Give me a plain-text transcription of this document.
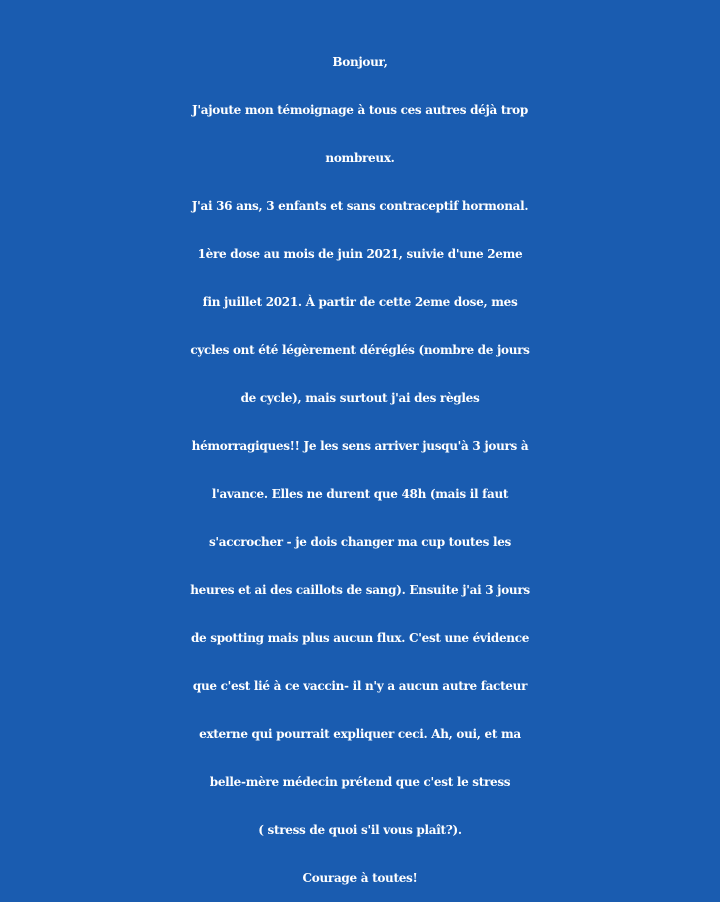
Bonjour,
J'ajoute mon témoignage à tous ces autres déjà trop
nombreux.
J'ai 36 ans, 3 enfants et sans contraceptif hormonal.
1ère dose au mois de juin 2021, suivie d'une 2eme
fin juillet 2021. À partir de cette 2eme dose, mes
cycles ont été légèrement déréglés (nombre de jours
de cycle), mais surtout j'ai des règles
hémorragiques!! Je les sens arriver jusqu'à 3 jours à
l'avance. Elles ne durent que 48h (mais il faut
s'accrocher - je dois changer ma cup toutes les
heures et ai des caillots de sang). Ensuite j'ai 3 jours
de spotting mais plus aucun flux. C'est une évidence
que c'est lié à ce vaccin- il n'y a aucun autre facteur
externe qui pourrait expliquer ceci. Ah, oui, et ma
belle-mère médecin prétend que c'est le stress
( stress de quoi s'il vous plaît?).
Courage à toutes!
